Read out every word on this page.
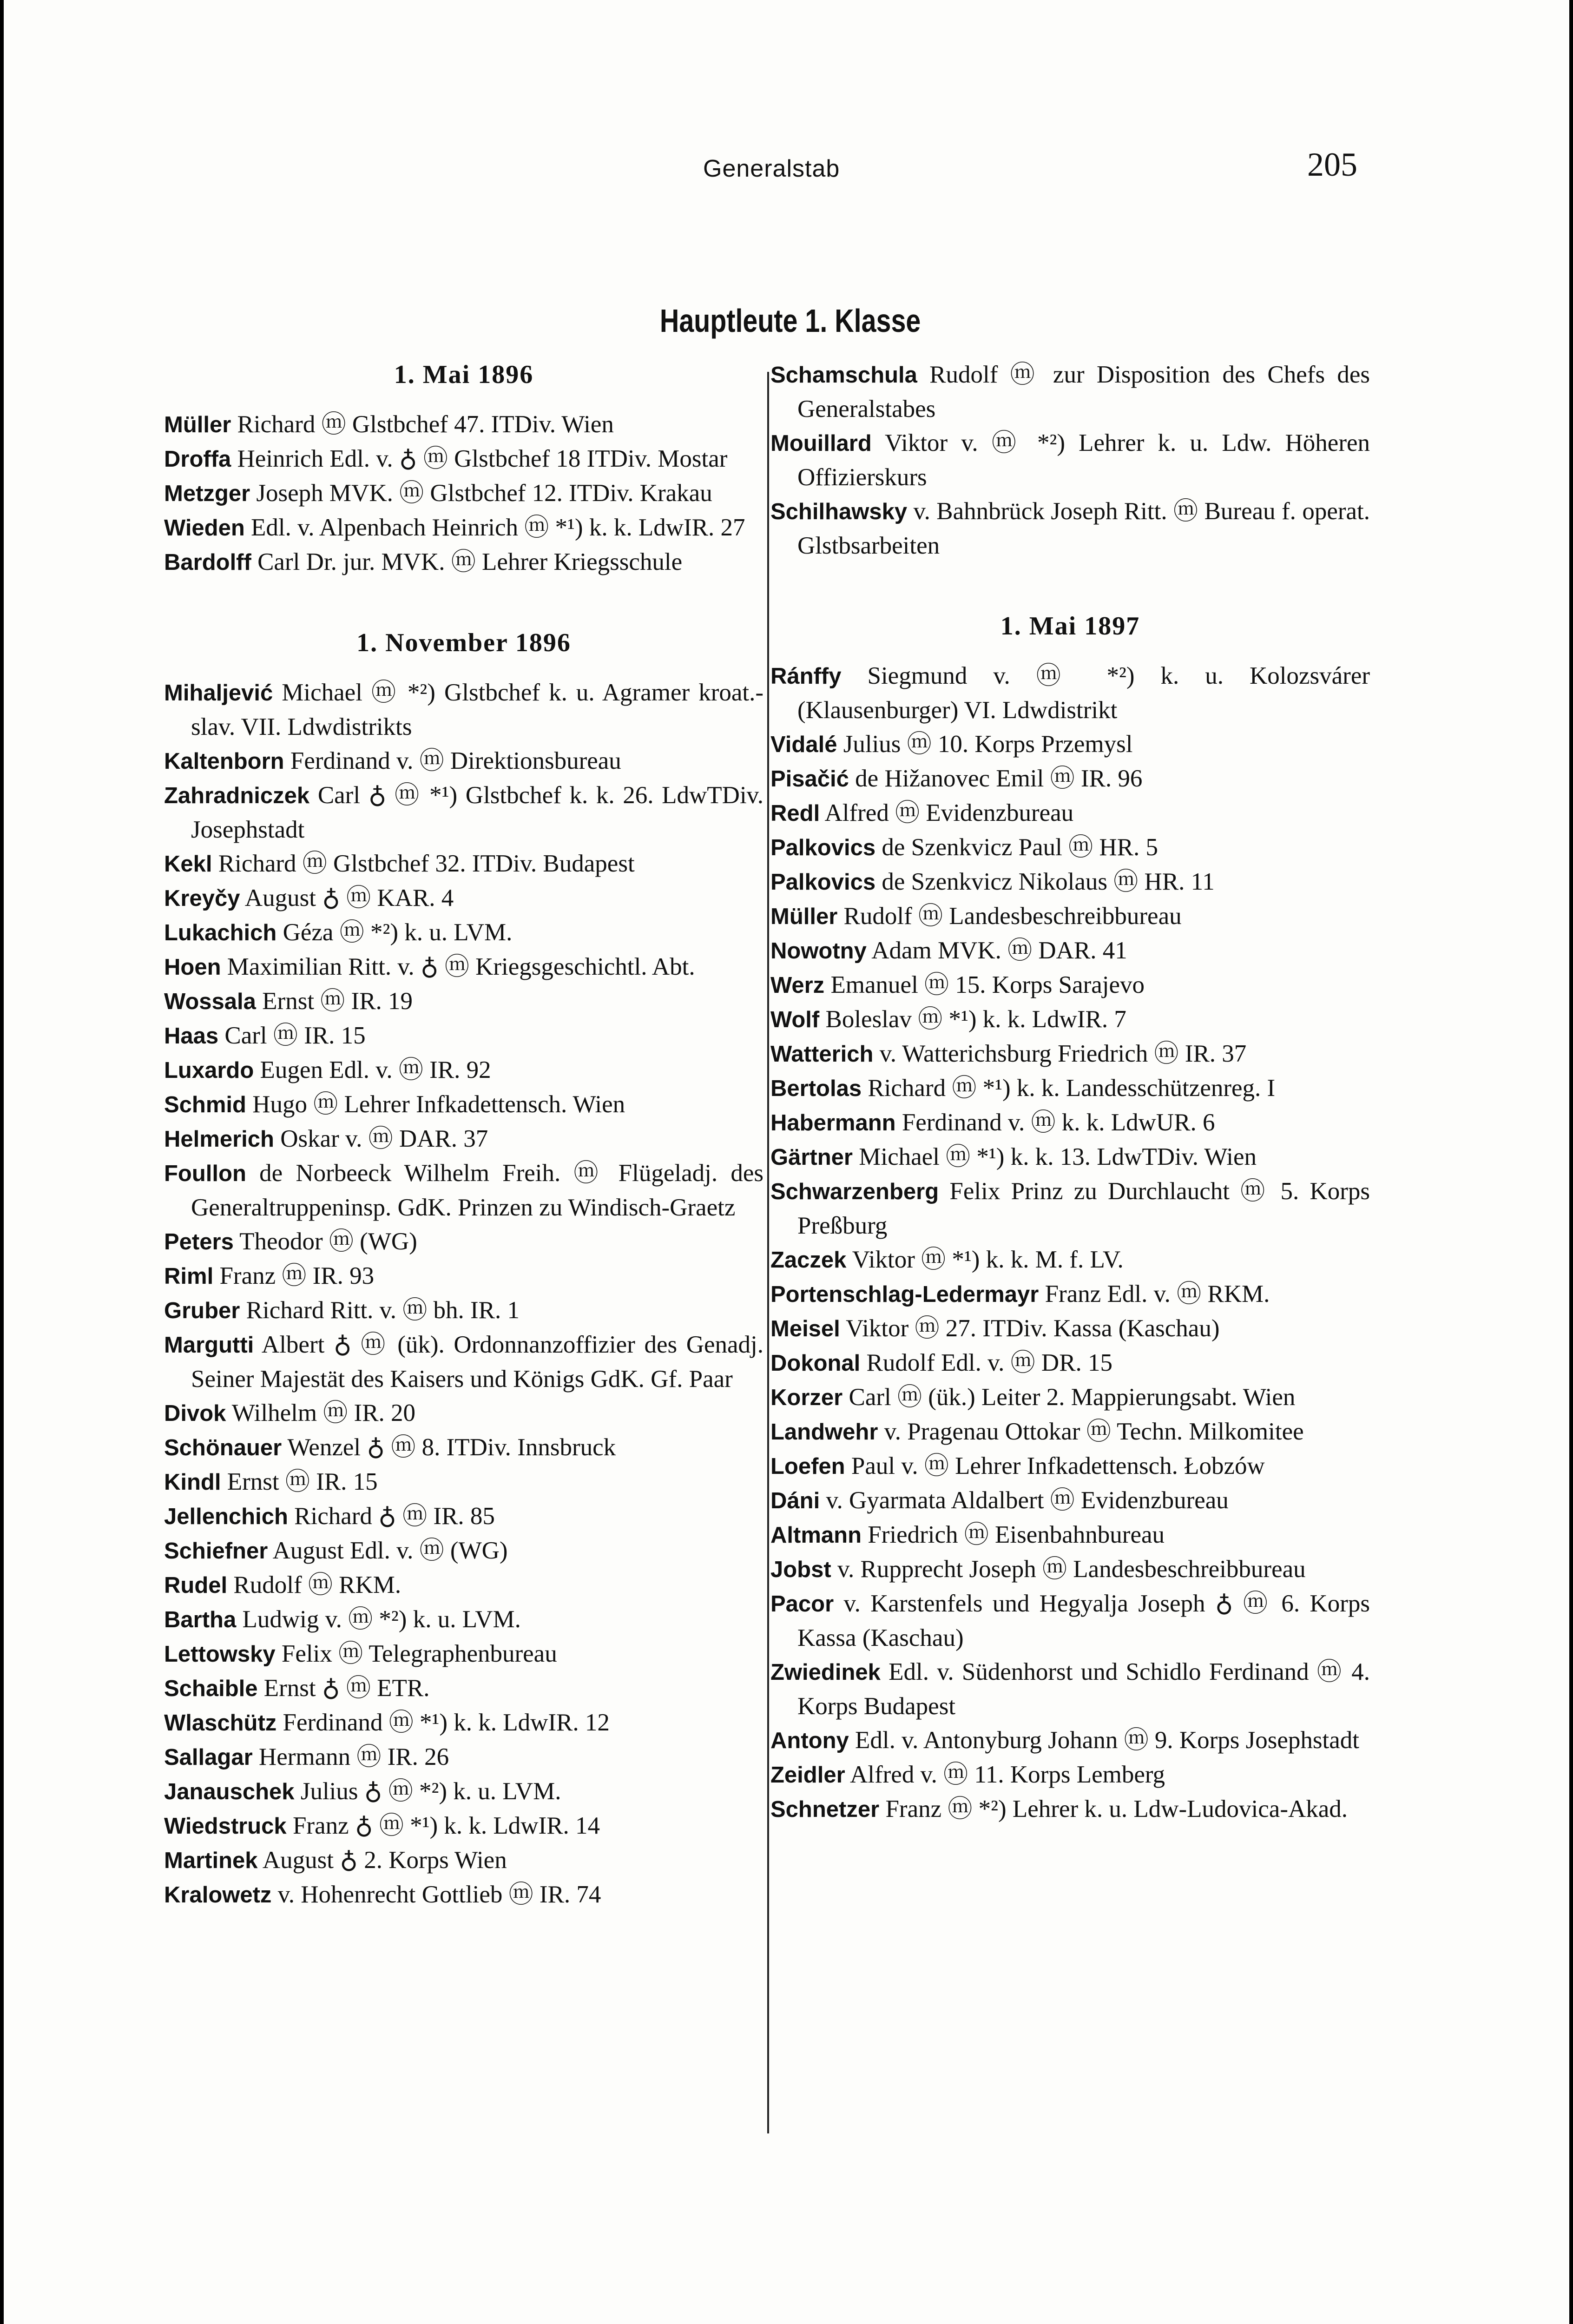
Generalstab	205
Hauptleute 1. Klasse
1. Mai 1896
Müller Richard ⓜ Glstbchef 47. ITDiv. Wien
Droffa Heinrich Edl. v. ♁ ⓜ Glstbchef 18 ITDiv. Mostar
Metzger Joseph MVK. ⓜ Glstbchef 12. ITDiv. Krakau
Wieden Edl. v. Alpenbach Heinrich ⓜ *¹) k. k. LdwIR. 27
Bardolff Carl Dr. jur. MVK. ⓜ Lehrer Kriegsschule
1. November 1896
Mihaljević Michael ⓜ *²) Glstbchef k. u. Agramer kroat.-slav. VII. Ldwdistrikts
Kaltenborn Ferdinand v. ⓜ Direktionsbureau
Zahradniczek Carl ♁ ⓜ *¹) Glstbchef k. k. 26. LdwTDiv. Josephstadt
Kekl Richard ⓜ Glstbchef 32. ITDiv. Budapest
Kreyčy August ♁ ⓜ KAR. 4
Lukachich Géza ⓜ *²) k. u. LVM.
Hoen Maximilian Ritt. v. ♁ ⓜ Kriegsgeschichtl. Abt.
Wossala Ernst ⓜ IR. 19
Haas Carl ⓜ IR. 15
Luxardo Eugen Edl. v. ⓜ IR. 92
Schmid Hugo ⓜ Lehrer Infkadettensch. Wien
Helmerich Oskar v. ⓜ DAR. 37
Foullon de Norbeeck Wilhelm Freih. ⓜ Flügeladj. des Generaltruppeninsp. GdK. Prinzen zu Windisch-Graetz
Peters Theodor ⓜ (WG)
Riml Franz ⓜ IR. 93
Gruber Richard Ritt. v. ⓜ bh. IR. 1
Margutti Albert ♁ ⓜ (ük). Ordonnanzoffizier des Genadj. Seiner Majestät des Kaisers und Königs GdK. Gf. Paar
Divok Wilhelm ⓜ IR. 20
Schönauer Wenzel ♁ ⓜ 8. ITDiv. Innsbruck
Kindl Ernst ⓜ IR. 15
Jellenchich Richard ♁ ⓜ IR. 85
Schiefner August Edl. v. ⓜ (WG)
Rudel Rudolf ⓜ RKM.
Bartha Ludwig v. ⓜ *²) k. u. LVM.
Lettowsky Felix ⓜ Telegraphenbureau
Schaible Ernst ♁ ⓜ ETR.
Wlaschütz Ferdinand ⓜ *¹) k. k. LdwIR. 12
Sallagar Hermann ⓜ IR. 26
Janauschek Julius ♁ ⓜ *²) k. u. LVM.
Wiedstruck Franz ♁ ⓜ *¹) k. k. LdwIR. 14
Martinek August ♁ 2. Korps Wien
Kralowetz v. Hohenrecht Gottlieb ⓜ IR. 74
Schamschula Rudolf ⓜ zur Disposition des Chefs des Generalstabes
Mouillard Viktor v. ⓜ *²) Lehrer k. u. Ldw. Höheren Offizierskurs
Schilhawsky v. Bahnbrück Joseph Ritt. ⓜ Bureau f. operat. Glstbsarbeiten
1. Mai 1897
Ránffy Siegmund v. ⓜ *²) k. u. Kolozsvárer (Klausenburger) VI. Ldwdistrikt
Vidalé Julius ⓜ 10. Korps Przemysl
Pisačić de Hižanovec Emil ⓜ IR. 96
Redl Alfred ⓜ Evidenzbureau
Palkovics de Szenkvicz Paul ⓜ HR. 5
Palkovics de Szenkvicz Nikolaus ⓜ HR. 11
Müller Rudolf ⓜ Landesbeschreibbureau
Nowotny Adam MVK. ⓜ DAR. 41
Werz Emanuel ⓜ 15. Korps Sarajevo
Wolf Boleslav ⓜ *¹) k. k. LdwIR. 7
Watterich v. Watterichsburg Friedrich ⓜ IR. 37
Bertolas Richard ⓜ *¹) k. k. Landesschützenreg. I
Habermann Ferdinand v. ⓜ k. k. LdwUR. 6
Gärtner Michael ⓜ *¹) k. k. 13. LdwTDiv. Wien
Schwarzenberg Felix Prinz zu Durchlaucht ⓜ 5. Korps Preßburg
Zaczek Viktor ⓜ *¹) k. k. M. f. LV.
Portenschlag-Ledermayr Franz Edl. v. ⓜ RKM.
Meisel Viktor ⓜ 27. ITDiv. Kassa (Kaschau)
Dokonal Rudolf Edl. v. ⓜ DR. 15
Korzer Carl ⓜ (ük.) Leiter 2. Mappierungsabt. Wien
Landwehr v. Pragenau Ottokar ⓜ Techn. Milkomitee
Loefen Paul v. ⓜ Lehrer Infkadettensch. Łobzów
Dáni v. Gyarmata Aldalbert ⓜ Evidenzbureau
Altmann Friedrich ⓜ Eisenbahnbureau
Jobst v. Rupprecht Joseph ⓜ Landesbeschreibbureau
Pacor v. Karstenfels und Hegyalja Joseph ♁ ⓜ 6. Korps Kassa (Kaschau)
Zwiedinek Edl. v. Südenhorst und Schidlo Ferdinand ⓜ 4. Korps Budapest
Antony Edl. v. Antonyburg Johann ⓜ 9. Korps Josephstadt
Zeidler Alfred v. ⓜ 11. Korps Lemberg
Schnetzer Franz ⓜ *²) Lehrer k. u. Ldw-Ludovica-Akad.
